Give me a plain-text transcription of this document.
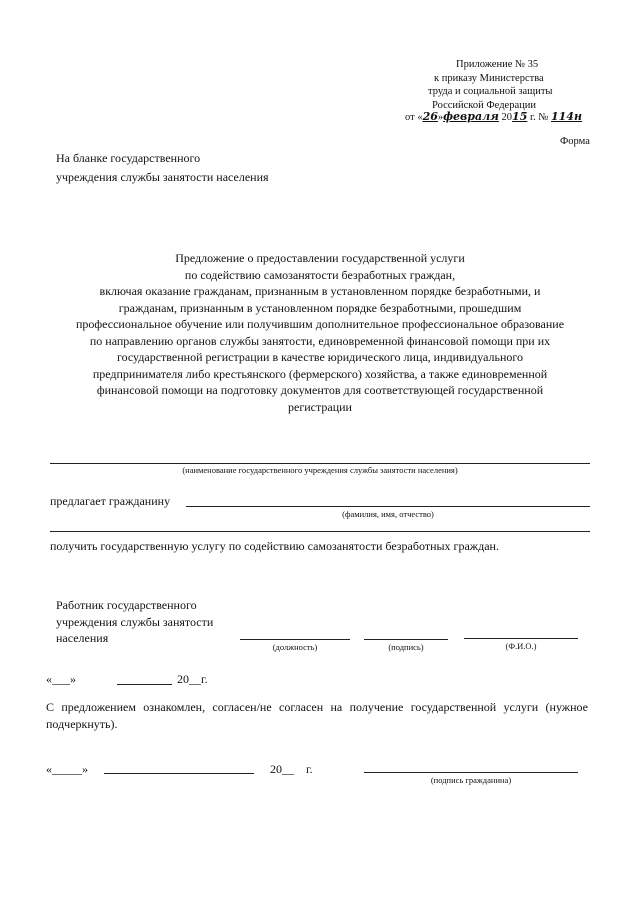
Приложение № 35
к приказу Министерства
труда и социальной защиты
Российской Федерации
от «26»февраля 2015 г. № 114н
Форма
На бланке государственного
учреждения службы занятости населения
Предложение о предоставлении государственной услуги
по содействию самозанятости безработных граждан,
включая оказание гражданам, признанным в установленном порядке безработными, и
гражданам, признанным в установленном порядке безработными, прошедшим
профессиональное обучение или получившим дополнительное профессиональное образование
по направлению органов службы занятости, единовременной финансовой помощи при их
государственной регистрации в качестве юридического лица, индивидуального
предпринимателя либо крестьянского (фермерского) хозяйства, а также единовременной
финансовой помощи на подготовку документов для соответствующей государственной
регистрации
(наименование государственного учреждения службы занятости населения)
предлагает гражданину
(фамилия, имя, отчество)
получить государственную услугу по содействию самозанятости безработных граждан.
Работник государственного
учреждения службы занятости
населения
(должность)	(подпись)	(Ф.И.О.)
«___»	20__г.
С предложением ознакомлен, согласен/не согласен на получение государственной услуги (нужное подчеркнуть).
«_____»	20__ г.
(подпись гражданина)
